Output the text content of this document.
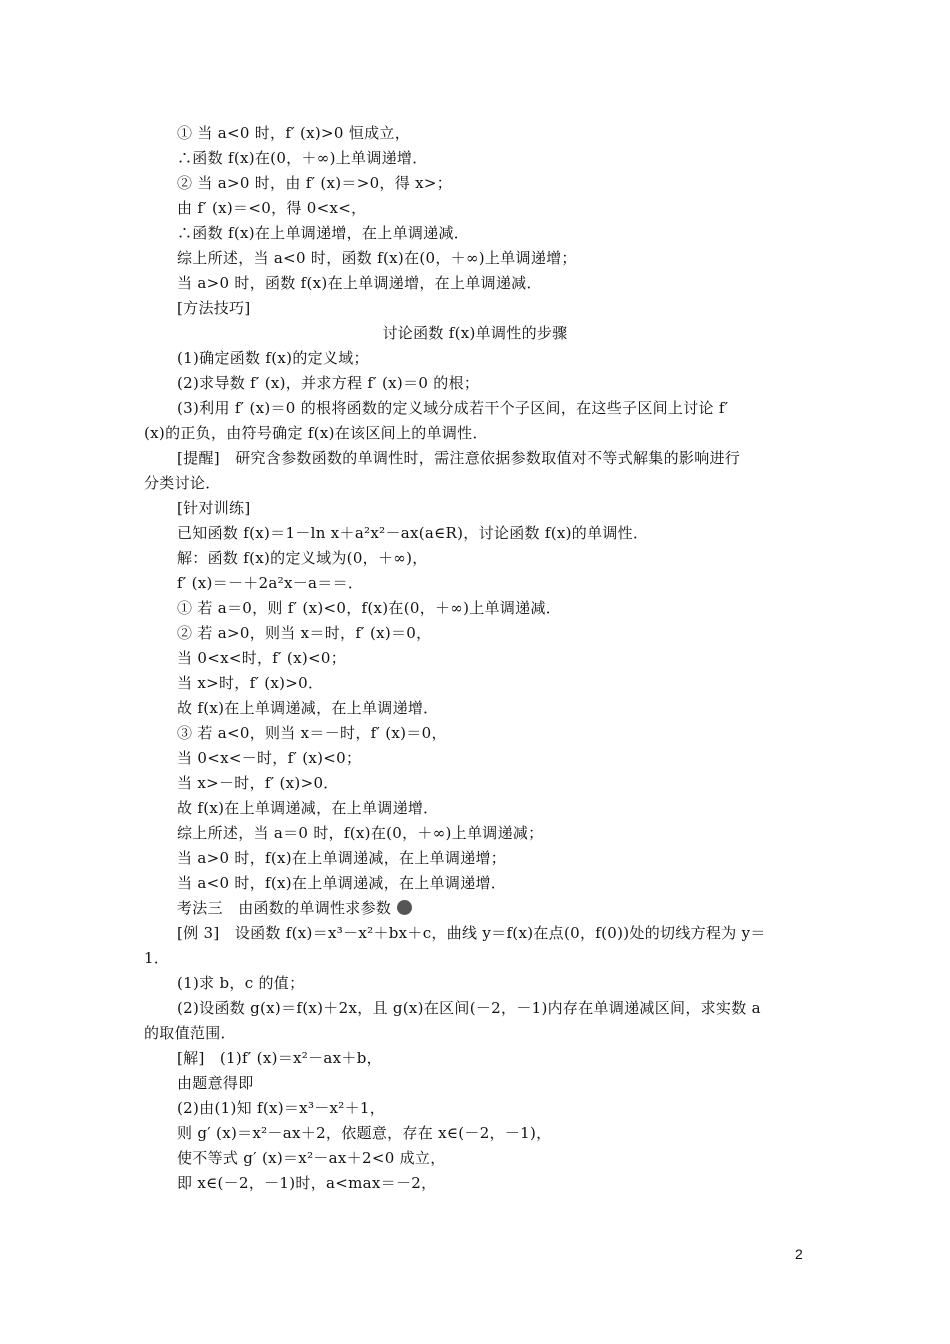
① 当 a<0 时，f′ (x)>0 恒成立，
∴函数 f(x)在(0，＋∞)上单调递增．
② 当 a>0 时，由 f′ (x)＝>0，得 x>；
由 f′ (x)＝<0，得 0<x<，
∴函数 f(x)在上单调递增，在上单调递减．
综上所述，当 a<0 时，函数 f(x)在(0，＋∞)上单调递增；
当 a>0 时，函数 f(x)在上单调递增，在上单调递减．
[方法技巧]
讨论函数 f(x)单调性的步骤
(1)确定函数 f(x)的定义域；
(2)求导数 f′ (x)，并求方程 f′ (x)＝0 的根；
(3)利用 f′ (x)＝0 的根将函数的定义域分成若干个子区间，在这些子区间上讨论 f′
(x)的正负，由符号确定 f(x)在该区间上的单调性．
[提醒]　研究含参数函数的单调性时，需注意依据参数取值对不等式解集的影响进行
分类讨论．
[针对训练]
已知函数 f(x)＝1－ln x＋a²x²－ax(a∈R)，讨论函数 f(x)的单调性．
解：函数 f(x)的定义域为(0，＋∞)，
f′ (x)＝－＋2a²x－a＝＝．
① 若 a＝0，则 f′ (x)<0，f(x)在(0，＋∞)上单调递减．
② 若 a>0，则当 x＝时，f′ (x)＝0，
当 0<x<时，f′ (x)<0；
当 x>时，f′ (x)>0．
故 f(x)在上单调递减，在上单调递增．
③ 若 a<0，则当 x＝－时，f′ (x)＝0，
当 0<x<－时，f′ (x)<0；
当 x>－时，f′ (x)>0．
故 f(x)在上单调递减，在上单调递增．
综上所述，当 a＝0 时，f(x)在(0，＋∞)上单调递减；
当 a>0 时，f(x)在上单调递减，在上单调递增；
当 a<0 时，f(x)在上单调递减，在上单调递增．
考法三　由函数的单调性求参数
[例 3]　设函数 f(x)＝x³－x²＋bx＋c，曲线 y＝f(x)在点(0，f(0))处的切线方程为 y＝
1．
(1)求 b，c 的值；
(2)设函数 g(x)＝f(x)＋2x，且 g(x)在区间(－2，－1)内存在单调递减区间，求实数 a
的取值范围．
[解]　(1)f′ (x)＝x²－ax＋b，
由题意得即
(2)由(1)知 f(x)＝x³－x²＋1，
则 g′ (x)＝x²－ax＋2，依题意，存在 x∈(－2，－1)，
使不等式 g′ (x)＝x²－ax＋2<0 成立，
即 x∈(－2，－1)时，a<max＝－2，
2
